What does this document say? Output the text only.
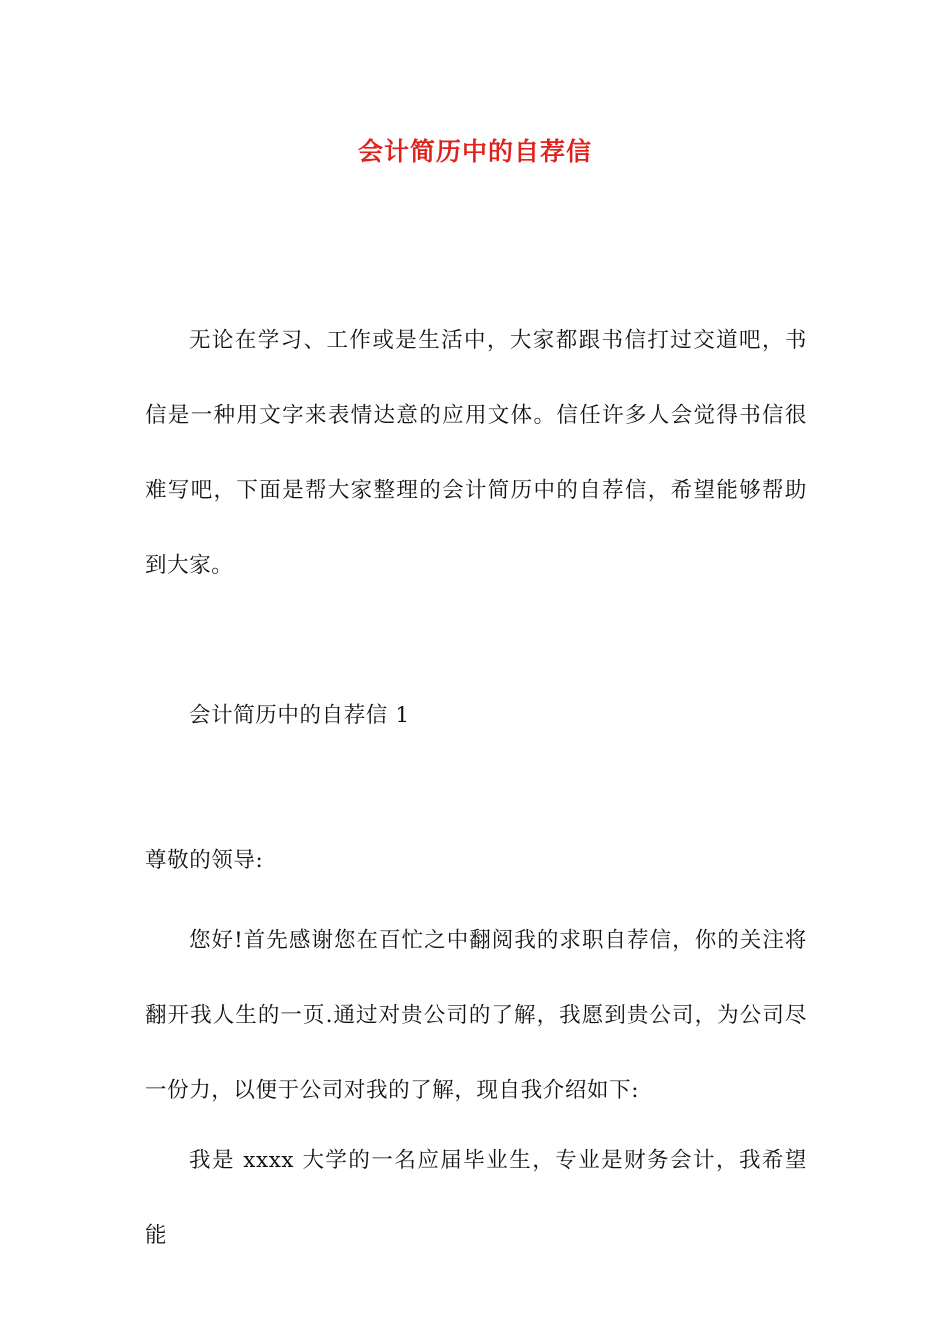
会计简历中的自荐信

无论在学习、工作或是生活中，大家都跟书信打过交道吧，书信是一种用文字来表情达意的应用文体。信任许多人会觉得书信很难写吧，下面是帮大家整理的会计简历中的自荐信，希望能够帮助到大家。

会计简历中的自荐信 1

尊敬的领导:

您好!首先感谢您在百忙之中翻阅我的求职自荐信，你的关注将翻开我人生的一页.通过对贵公司的了解，我愿到贵公司，为公司尽一份力，以便于公司对我的了解，现自我介绍如下:

我是 xxxx 大学的一名应届毕业生，专业是财务会计，我希望能
